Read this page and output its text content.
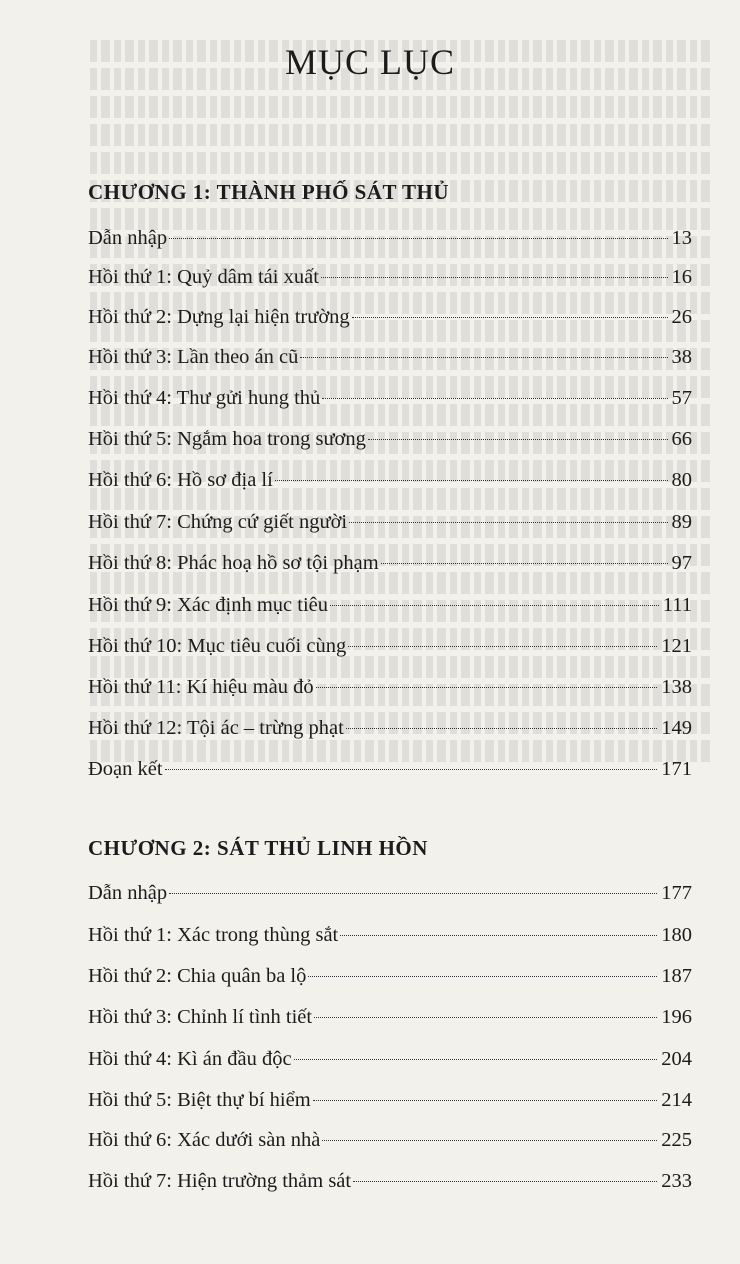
MỤC LỤC
CHƯƠNG 1: THÀNH PHỐ SÁT THỦ
Dẫn nhập	13
Hồi thứ 1: Quỷ dâm tái xuất	16
Hồi thứ 2: Dựng lại hiện trường	26
Hồi thứ 3: Lần theo án cũ	38
Hồi thứ 4: Thư gửi hung thủ	57
Hồi thứ 5: Ngắm hoa trong sương	66
Hồi thứ 6: Hồ sơ địa lí	80
Hồi thứ 7: Chứng cứ giết người	89
Hồi thứ 8: Phác hoạ hồ sơ tội phạm	97
Hồi thứ 9: Xác định mục tiêu	111
Hồi thứ 10: Mục tiêu cuối cùng	121
Hồi thứ 11: Kí hiệu màu đỏ	138
Hồi thứ 12: Tội ác – trừng phạt	149
Đoạn kết	171
CHƯƠNG 2: SÁT THỦ LINH HỒN
Dẫn nhập	177
Hồi thứ 1: Xác trong thùng sắt	180
Hồi thứ 2: Chia quân ba lộ	187
Hồi thứ 3: Chỉnh lí tình tiết	196
Hồi thứ 4: Kì án đầu độc	204
Hồi thứ 5: Biệt thự bí hiểm	214
Hồi thứ 6: Xác dưới sàn nhà	225
Hồi thứ 7: Hiện trường thảm sát	233
